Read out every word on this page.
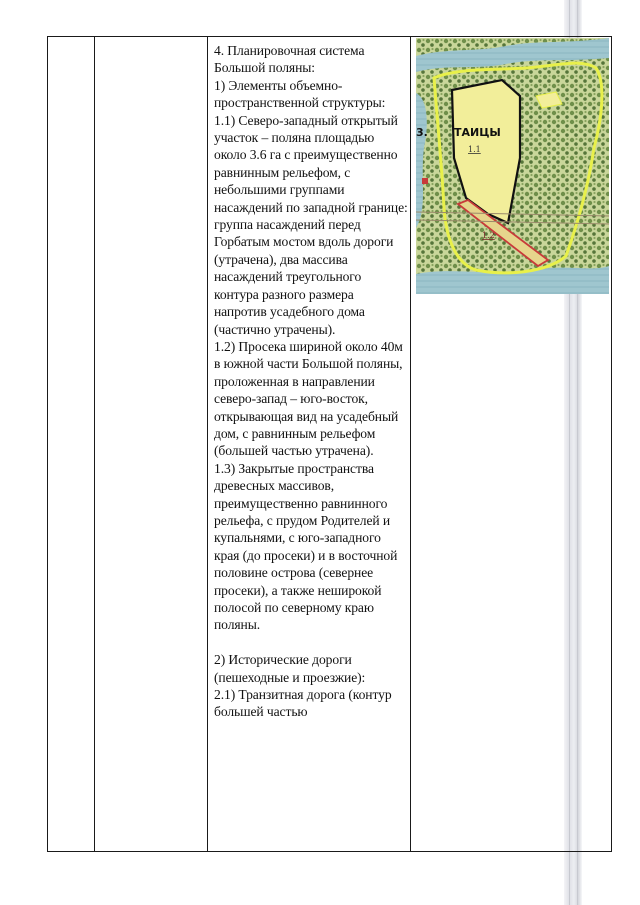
4. Планировочная система Большой поляны:

1) Элементы объемно-пространственной структуры:

1.1) Северо-западный открытый участок – поляна площадью около 3.6 га с преимущественно равнинным рельефом, с небольшими группами насаждений по западной границе: группа насаждений перед Горбатым мостом вдоль дороги (утрачена), два массива насаждений треугольного контура разного размера напротив усадебного дома (частично утрачены).

1.2) Просека шириной около 40м в южной части Большой поляны, проложенная в направлении северо-запад – юго-восток, открывающая вид на усадебный дом, с равнинным рельефом (большей частью утрачена).

1.3) Закрытые пространства древесных массивов, преимущественно равнинного рельефа, с прудом Родителей и купальнями, с юго-западного края (до просеки) и в восточной половине острова (севернее просеки), а также неширокой полосой по северному краю поляны.

2) Исторические дороги (пешеходные и проезжие):

2.1) Транзитная дорога (контур большей частью

ТАИЦЫ
3.
1.1
1.2
